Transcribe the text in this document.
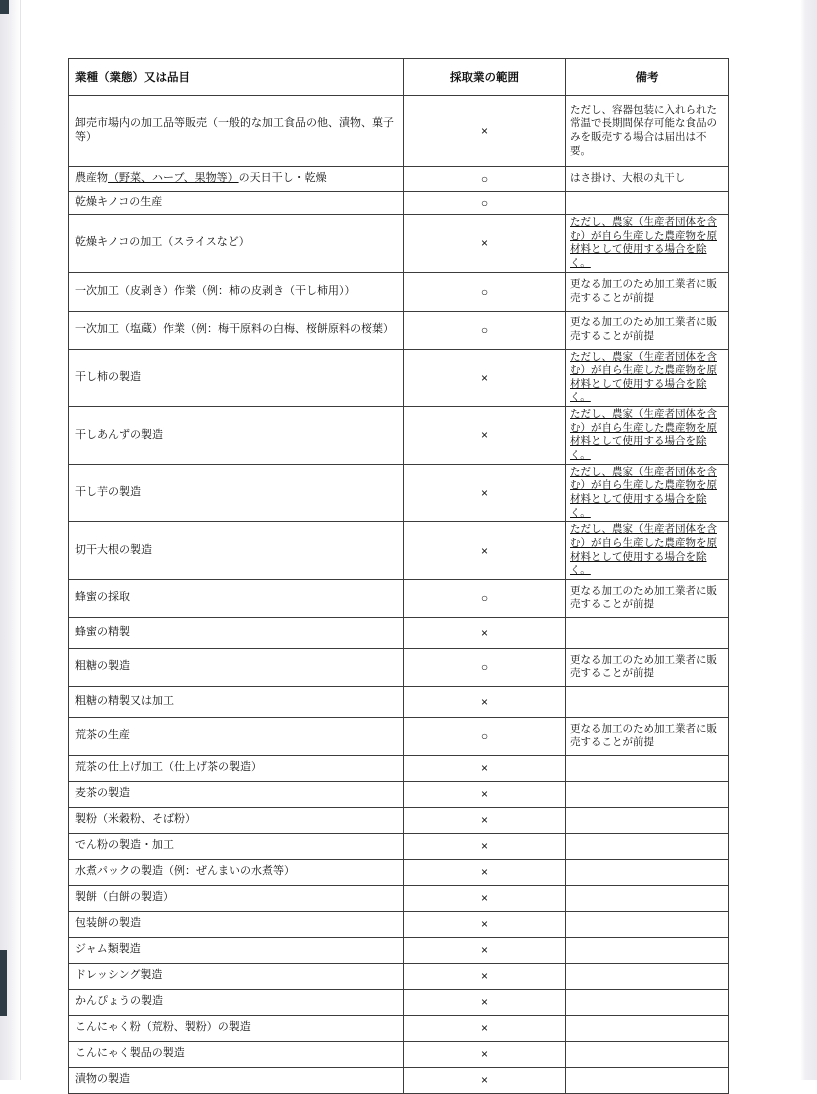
業種（業態）又は品目	採取業の範囲	備考
卸売市場内の加工品等販売（一般的な加工食品の他、漬物、菓子等）	×	ただし、容器包装に入れられた常温で長期間保存可能な食品のみを販売する場合は届出は不要。
農産物（野菜、ハーブ、果物等）の天日干し・乾燥	○	はさ掛け、大根の丸干し
乾燥キノコの生産	○	
乾燥キノコの加工（スライスなど）	×	ただし、農家（生産者団体を含む）が自ら生産した農産物を原材料として使用する場合を除く。
一次加工（皮剥き）作業（例：柿の皮剥き（干し柿用））	○	更なる加工のため加工業者に販売することが前提
一次加工（塩蔵）作業（例：梅干原料の白梅、桜餅原料の桜葉）	○	更なる加工のため加工業者に販売することが前提
干し柿の製造	×	ただし、農家（生産者団体を含む）が自ら生産した農産物を原材料として使用する場合を除く。
干しあんずの製造	×	ただし、農家（生産者団体を含む）が自ら生産した農産物を原材料として使用する場合を除く。
干し芋の製造	×	ただし、農家（生産者団体を含む）が自ら生産した農産物を原材料として使用する場合を除く。
切干大根の製造	×	ただし、農家（生産者団体を含む）が自ら生産した農産物を原材料として使用する場合を除く。
蜂蜜の採取	○	更なる加工のため加工業者に販売することが前提
蜂蜜の精製	×	
粗糖の製造	○	更なる加工のため加工業者に販売することが前提
粗糖の精製又は加工	×	
荒茶の生産	○	更なる加工のため加工業者に販売することが前提
荒茶の仕上げ加工（仕上げ茶の製造）	×	
麦茶の製造	×	
製粉（米穀粉、そば粉）	×	
でん粉の製造・加工	×	
水煮パックの製造（例：ぜんまいの水煮等）	×	
製餅（白餅の製造）	×	
包装餅の製造	×	
ジャム類製造	×	
ドレッシング製造	×	
かんぴょうの製造	×	
こんにゃく粉（荒粉、製粉）の製造	×	
こんにゃく製品の製造	×	
漬物の製造	×	
